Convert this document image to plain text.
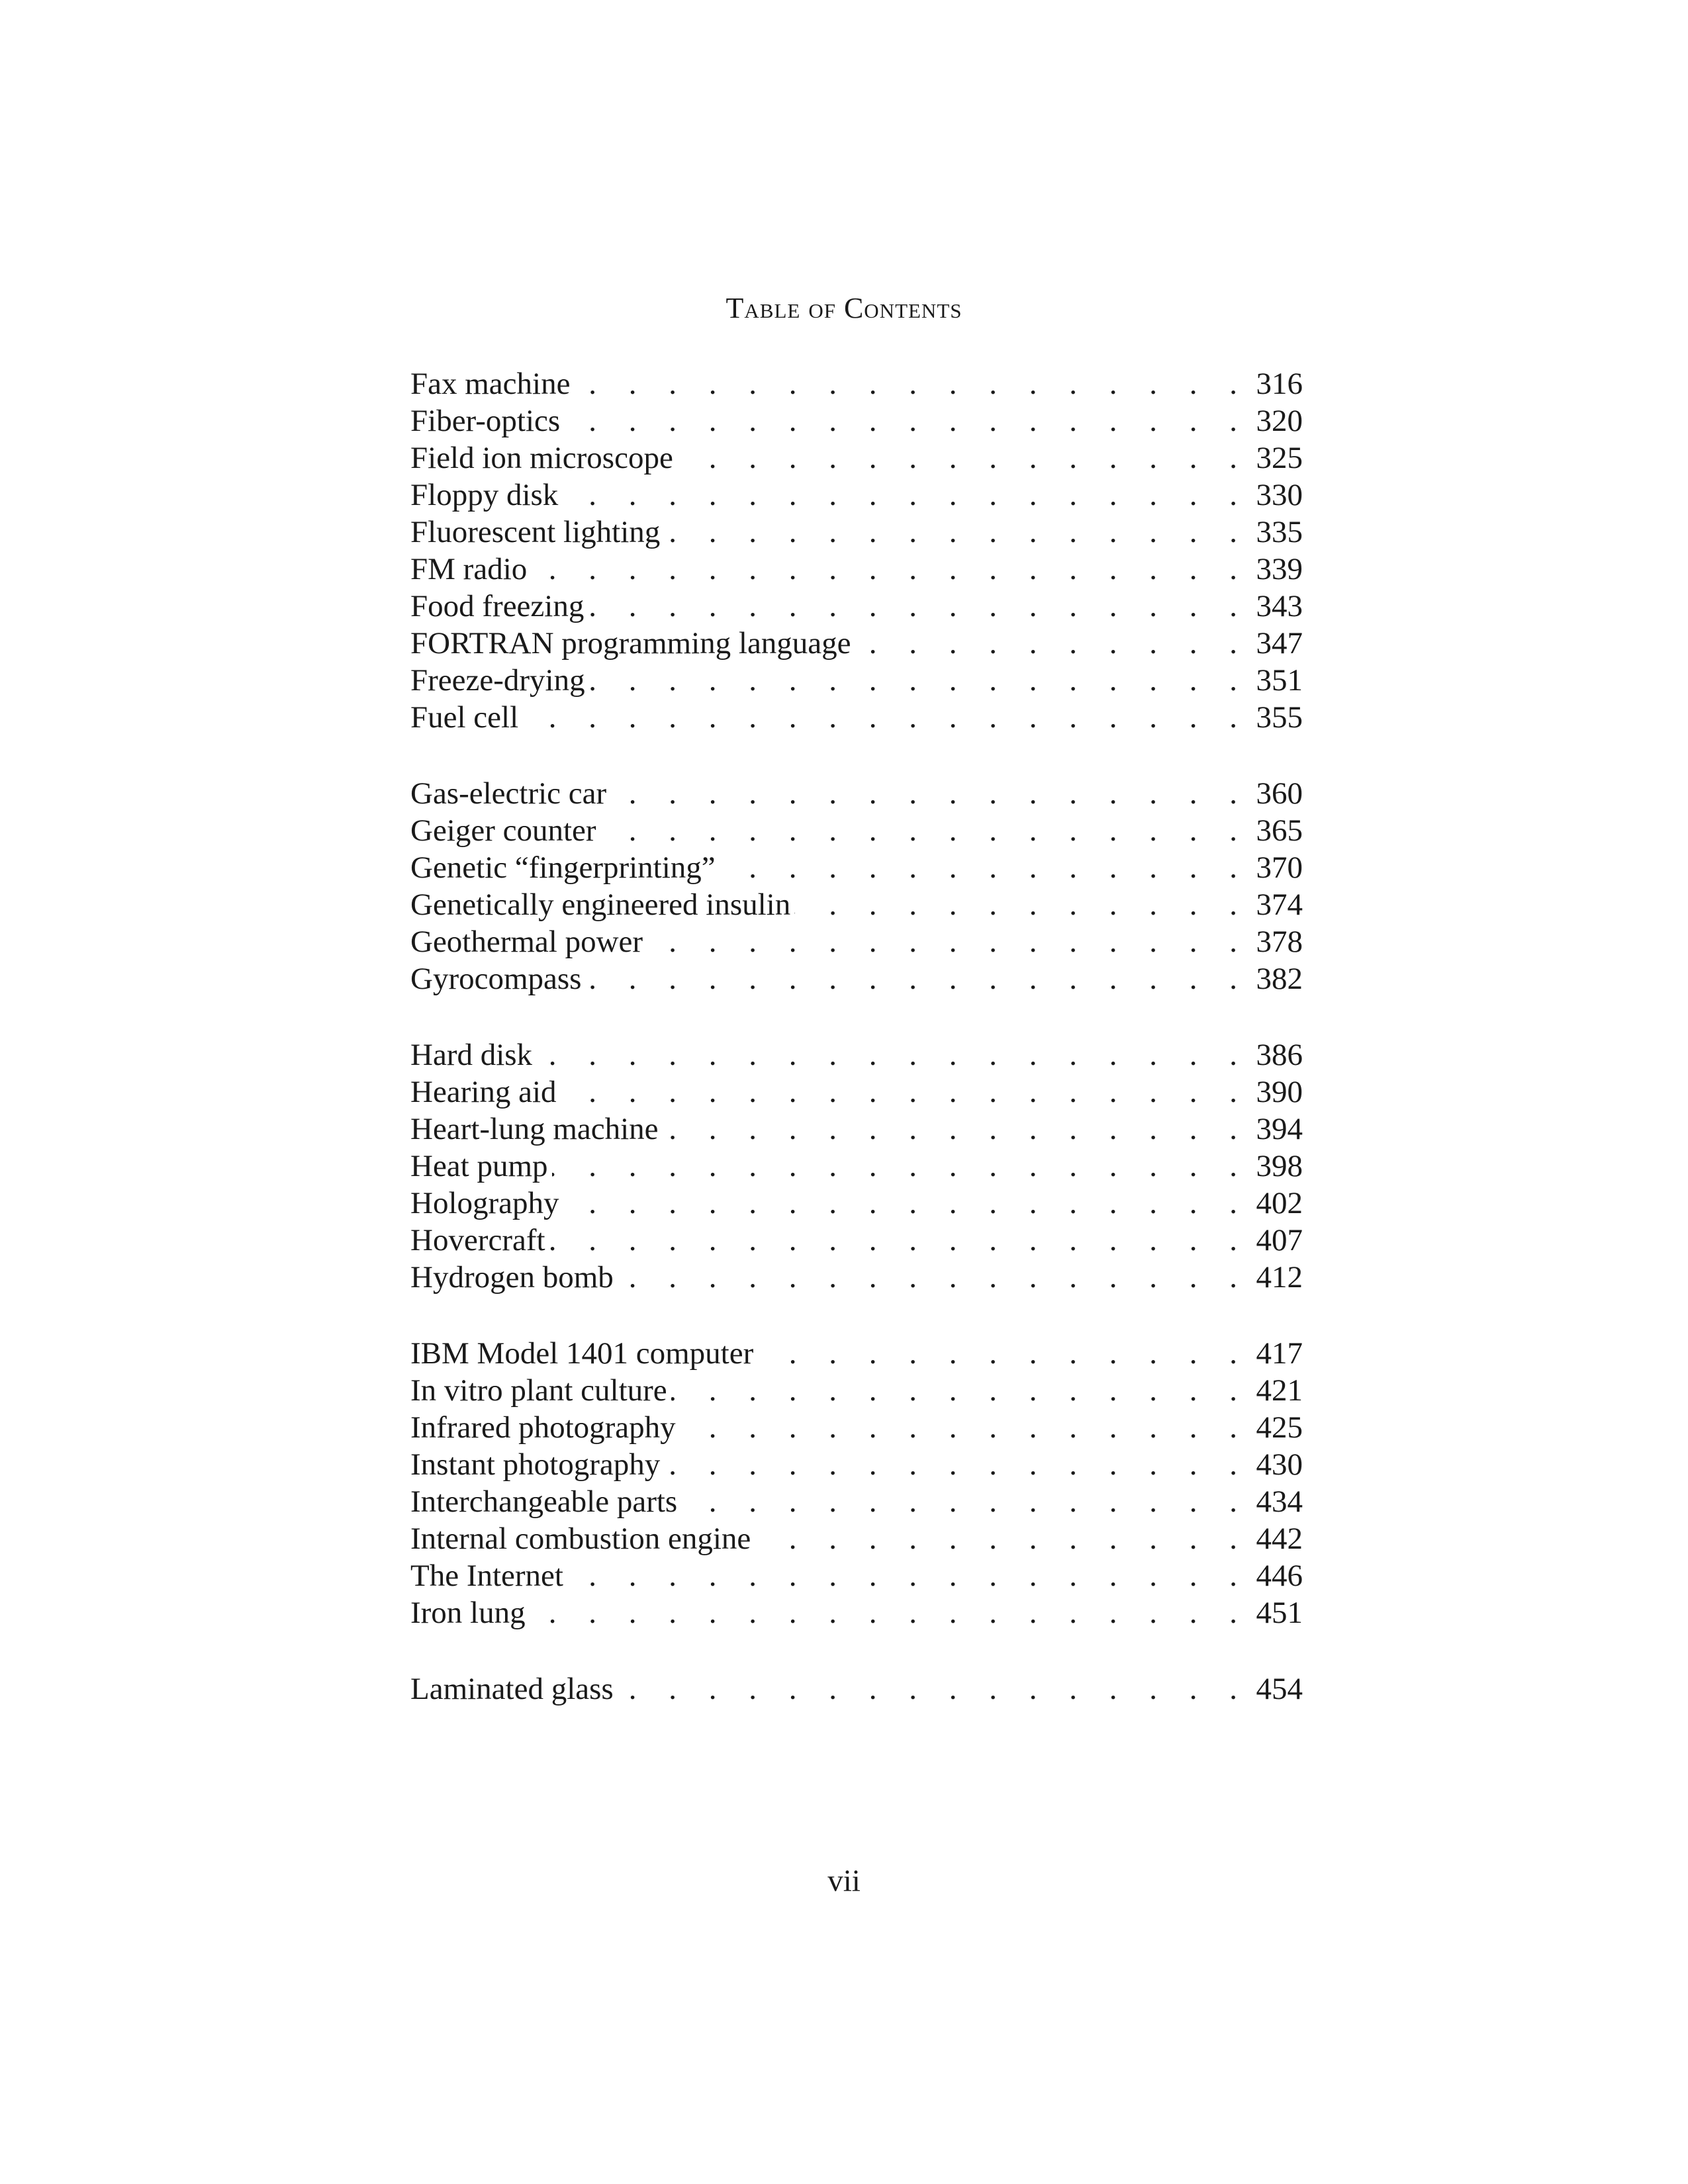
Table of Contents
Fax machine . . .	316
Fiber-optics . . .	320
Field ion microscope . . .	325
Floppy disk . . .	330
Fluorescent lighting . . .	335
FM radio . . .	339
Food freezing . . .	343
FORTRAN programming language . . .	347
Freeze-drying . . .	351
Fuel cell . . .	355
Gas-electric car . . .	360
Geiger counter . . .	365
Genetic “fingerprinting” . . .	370
Genetically engineered insulin . . .	374
Geothermal power . . .	378
Gyrocompass . . .	382
Hard disk . . .	386
Hearing aid . . .	390
Heart-lung machine . . .	394
Heat pump . . .	398
Holography . . .	402
Hovercraft . . .	407
Hydrogen bomb . . .	412
IBM Model 1401 computer . . .	417
In vitro plant culture . . .	421
Infrared photography . . .	425
Instant photography . . .	430
Interchangeable parts . . .	434
Internal combustion engine . . .	442
The Internet . . .	446
Iron lung . . .	451
Laminated glass . . .	454
vii
